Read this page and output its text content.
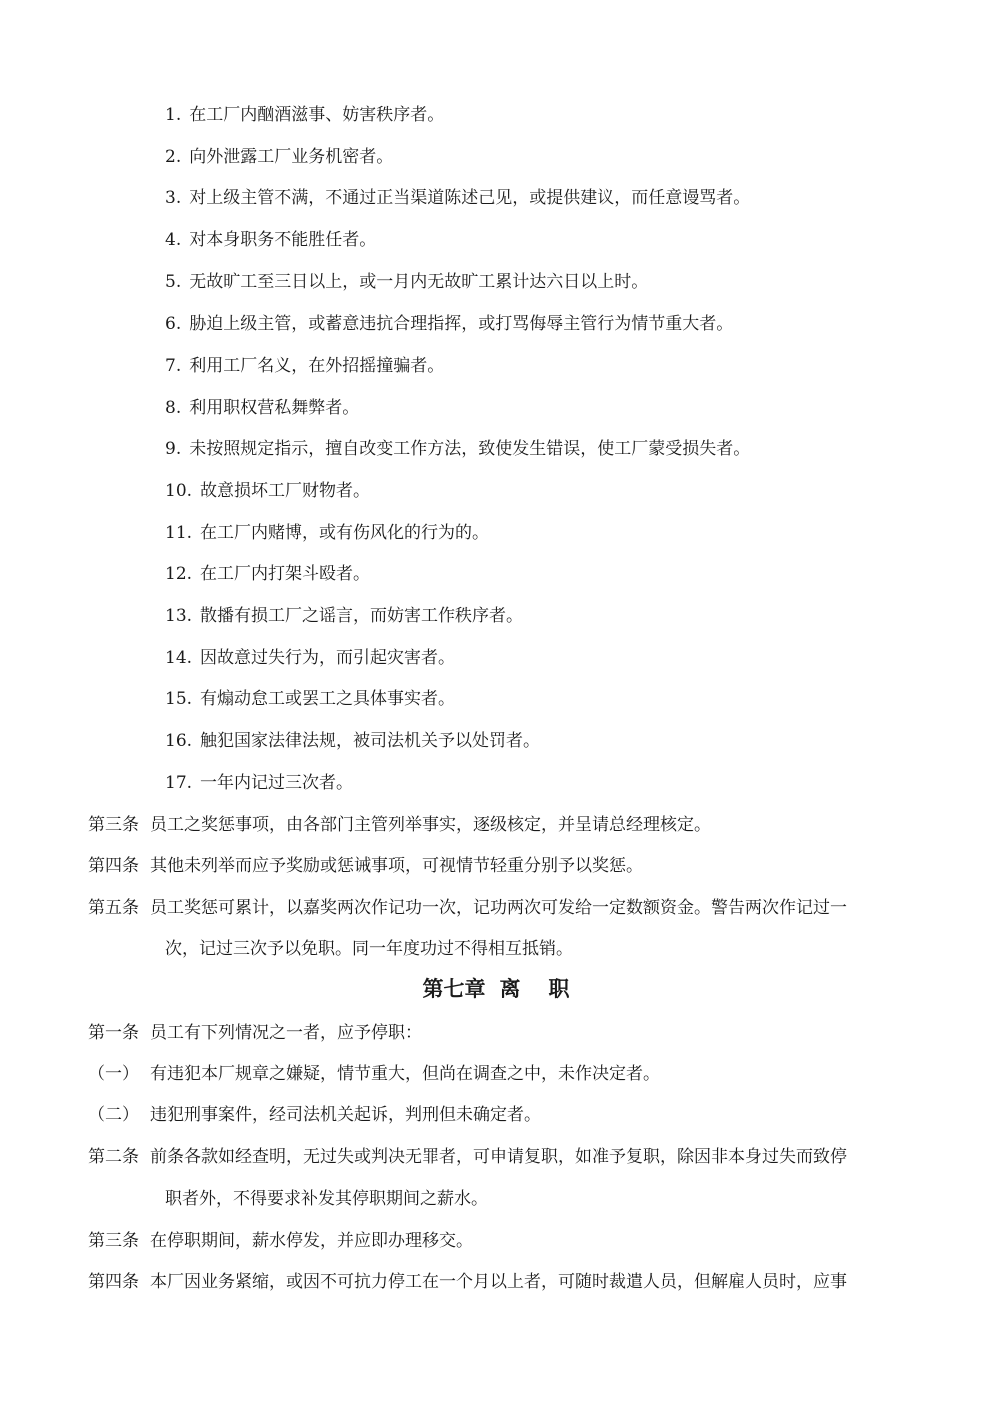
1. 在工厂内酗酒滋事、妨害秩序者。
2. 向外泄露工厂业务机密者。
3. 对上级主管不满，不通过正当渠道陈述己见，或提供建议，而任意谩骂者。
4. 对本身职务不能胜任者。
5. 无故旷工至三日以上，或一月内无故旷工累计达六日以上时。
6. 胁迫上级主管，或蓄意违抗合理指挥，或打骂侮辱主管行为情节重大者。
7. 利用工厂名义，在外招摇撞骗者。
8. 利用职权营私舞弊者。
9. 未按照规定指示，擅自改变工作方法，致使发生错误，使工厂蒙受损失者。
10. 故意损坏工厂财物者。
11. 在工厂内赌博，或有伤风化的行为的。
12. 在工厂内打架斗殴者。
13. 散播有损工厂之谣言，而妨害工作秩序者。
14. 因故意过失行为，而引起灾害者。
15. 有煽动怠工或罢工之具体事实者。
16. 触犯国家法律法规，被司法机关予以处罚者。
17. 一年内记过三次者。
第三条 员工之奖惩事项，由各部门主管列举事实，逐级核定，并呈请总经理核定。
第四条 其他未列举而应予奖励或惩诫事项，可视情节轻重分别予以奖惩。
第五条 员工奖惩可累计，以嘉奖两次作记功一次，记功两次可发给一定数额资金。警告两次作记过一
次，记过三次予以免职。同一年度功过不得相互抵销。
第七章 离 职
第一条 员工有下列情况之一者，应予停职：
（一） 有违犯本厂规章之嫌疑，情节重大，但尚在调查之中，未作决定者。
（二） 违犯刑事案件，经司法机关起诉，判刑但未确定者。
第二条 前条各款如经查明，无过失或判决无罪者，可申请复职，如准予复职，除因非本身过失而致停
职者外，不得要求补发其停职期间之薪水。
第三条 在停职期间，薪水停发，并应即办理移交。
第四条 本厂因业务紧缩，或因不可抗力停工在一个月以上者，可随时裁遣人员，但解雇人员时，应事
